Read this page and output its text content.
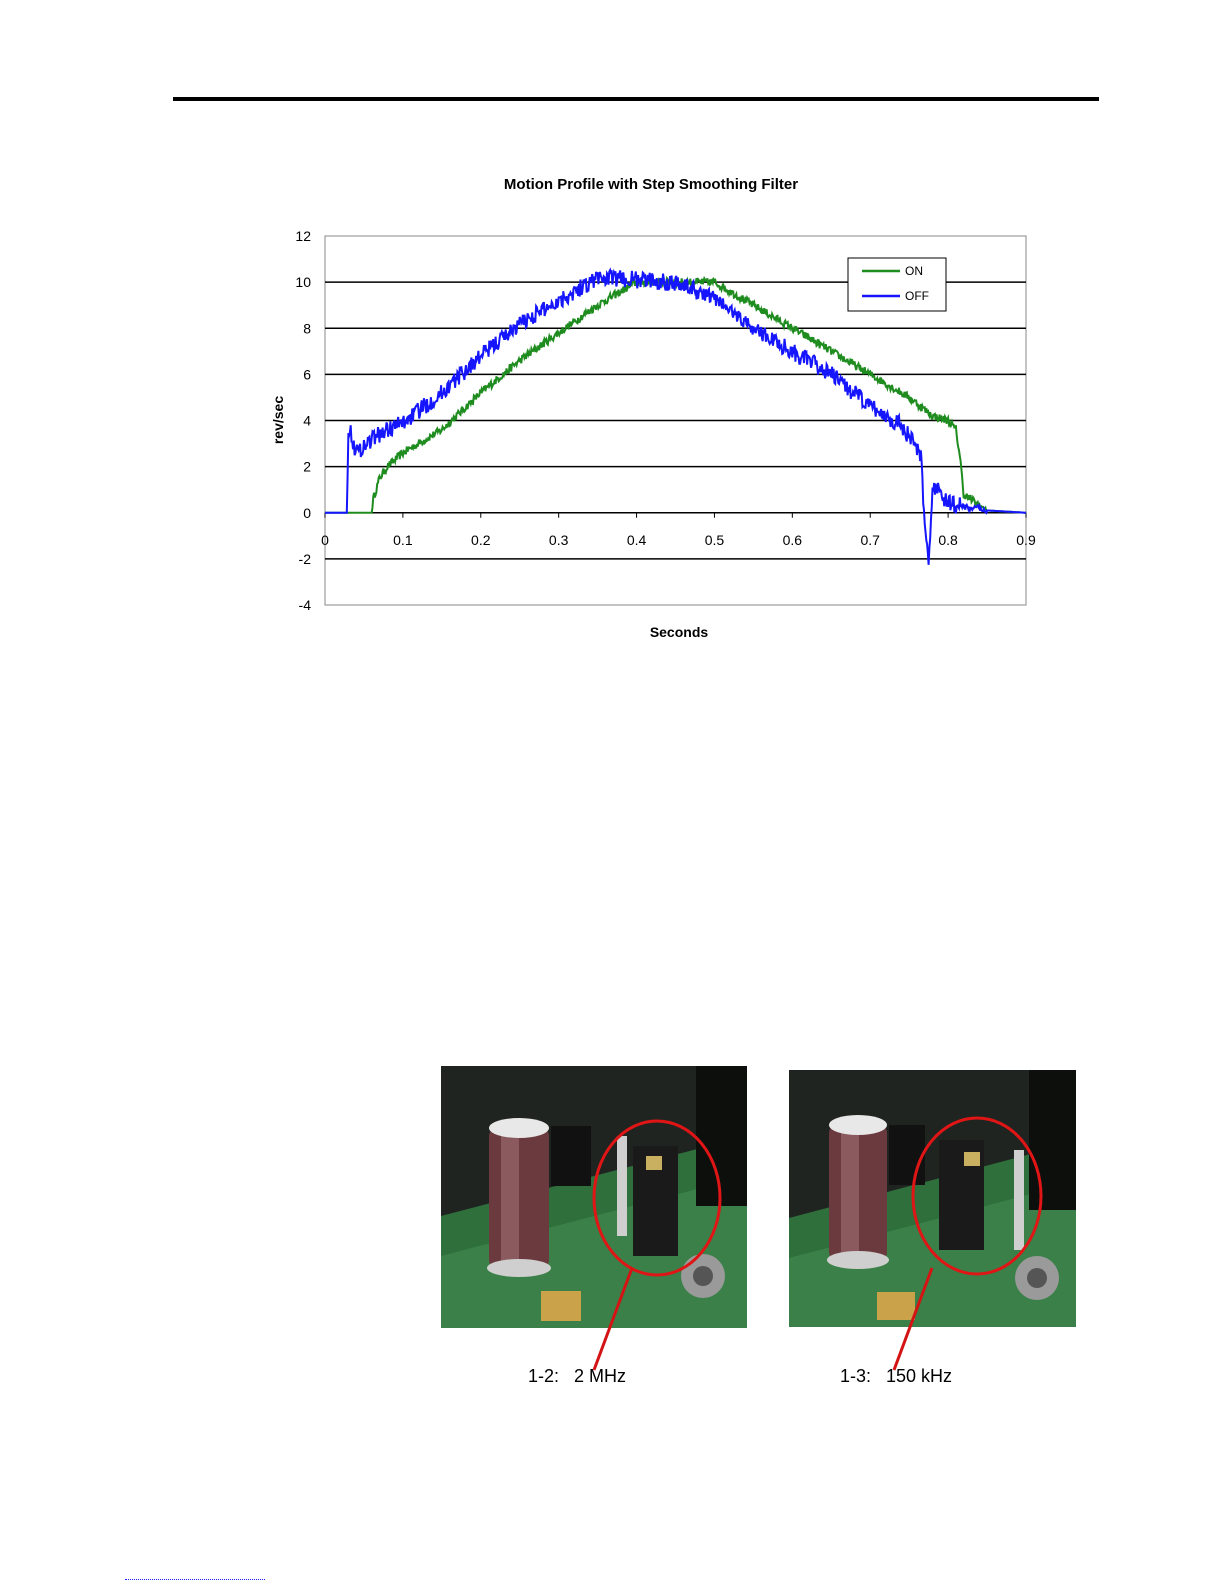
Motion Profile with Step Smoothing Filter
12
10
8
6
4
2
0
-2
-4
0	0.1	0.2	0.3	0.4	0.5	0.6	0.7	0.8	0.9
rev/sec
Seconds
ON
OFF
1-2:   2 MHz	1-3:   150 kHz
